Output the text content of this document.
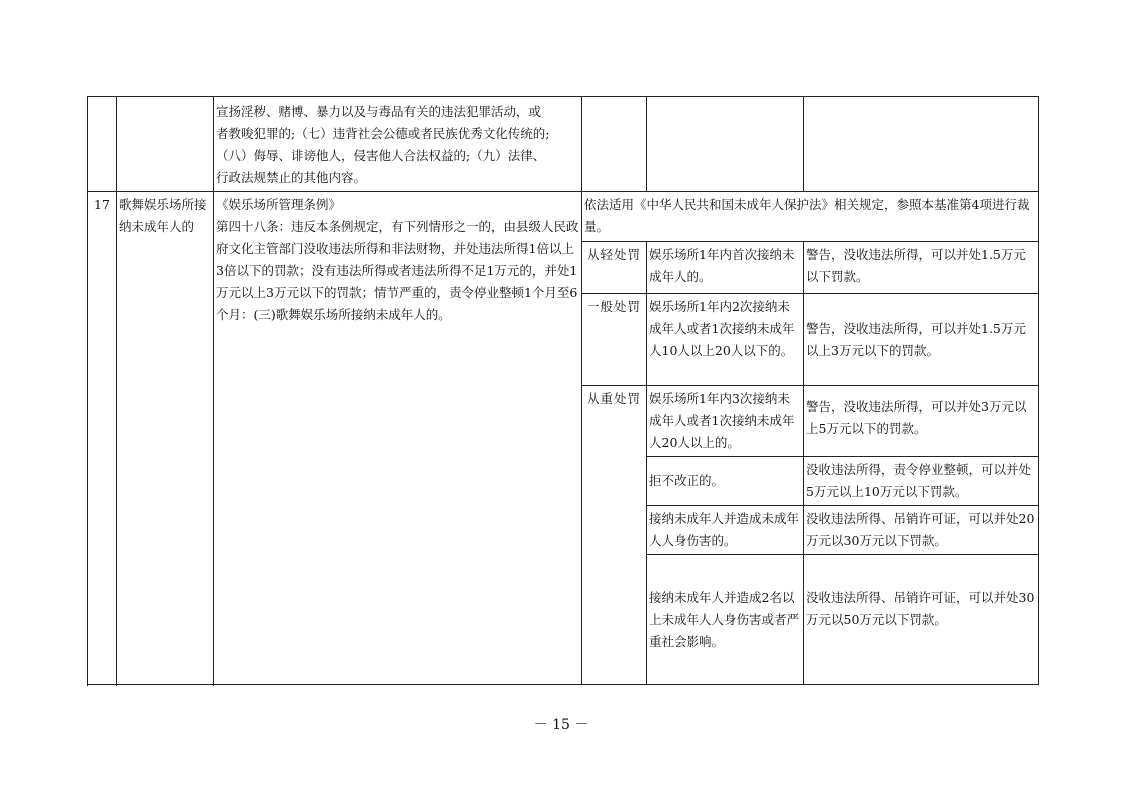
		宣扬淫秽、赌博、暴力以及与毒品有关的违法犯罪活动，或
者教唆犯罪的;（七）违背社会公德或者民族优秀文化传统的;
（八）侮辱、诽谤他人，侵害他人合法权益的;（九）法律、
行政法规禁止的其他内容。			

17	歌舞娱乐场所接纳未成年人的	《娱乐场所管理条例》
第四十八条：违反本条例规定，有下列情形之一的，由县级人民政府文化主管部门没收违法所得和非法财物，并处违法所得1倍以上3倍以下的罚款；没有违法所得或者违法所得不足1万元的，并处1万元以上3万元以下的罚款；情节严重的，责令停业整顿1个月至6个月：(三)歌舞娱乐场所接纳未成年人的。	依法适用《中华人民共和国未成年人保护法》相关规定，参照本基准第4项进行裁量。		
			从轻处罚	娱乐场所1年内首次接纳未成年人的。	警告，没收违法所得，可以并处1.5万元以下罚款。
			一般处罚	娱乐场所1年内2次接纳未成年人或者1次接纳未成年人10人以上20人以下的。	警告，没收违法所得，可以并处1.5万元以上3万元以下的罚款。
			从重处罚	娱乐场所1年内3次接纳未成年人或者1次接纳未成年人20人以上的。	警告，没收违法所得，可以并处3万元以上5万元以下的罚款。
				拒不改正的。	没收违法所得，责令停业整顿，可以并处5万元以上10万元以下罚款。
				接纳未成年人并造成未成年人人身伤害的。	没收违法所得、吊销许可证，可以并处20万元以30万元以下罚款。
				接纳未成年人并造成2名以上未成年人人身伤害或者严重社会影响。	没收违法所得、吊销许可证，可以并处30万元以50万元以下罚款。

－ 15 －
